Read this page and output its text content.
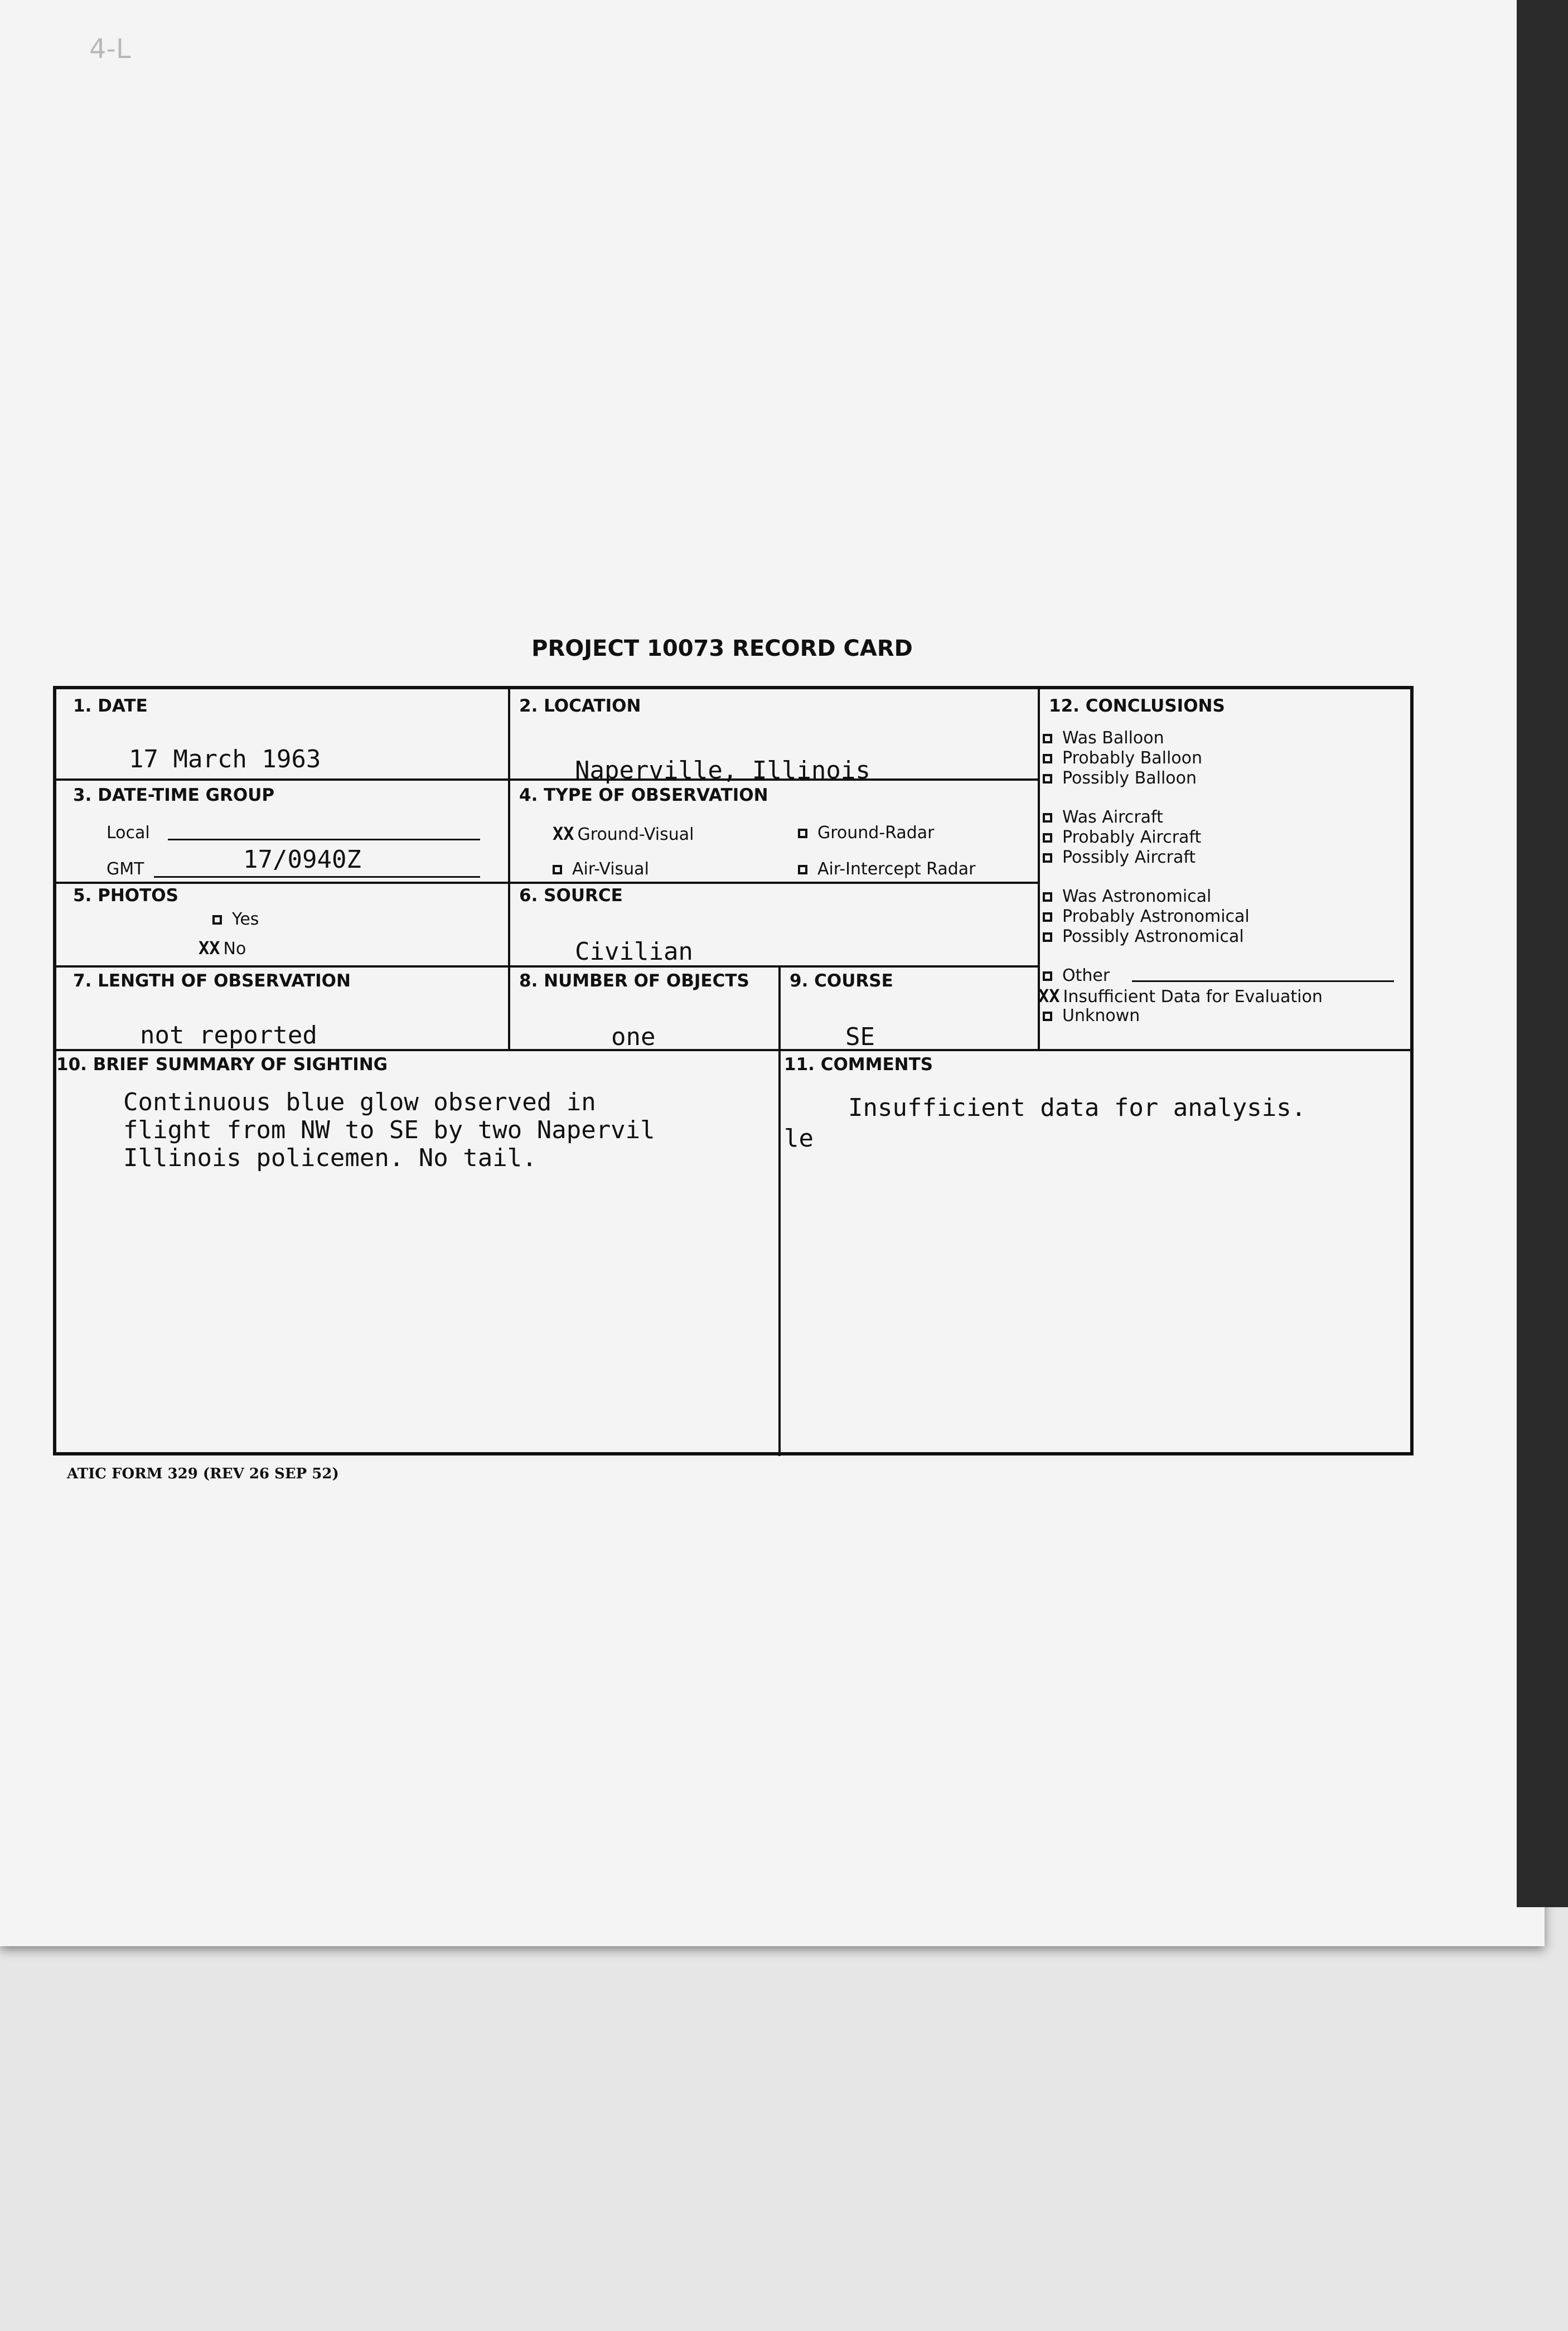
4-L
PROJECT 10073 RECORD CARD
1. DATE
17 March 1963
2. LOCATION
Naperville, Illinois
3. DATE-TIME GROUP
Local
GMT	17/0940Z
4. TYPE OF OBSERVATION
XX Ground-Visual	Ground-Radar
Air-Visual	Air-Intercept Radar
5. PHOTOS
Yes
XX No
6. SOURCE
Civilian
7. LENGTH OF OBSERVATION
not reported
8. NUMBER OF OBJECTS
one
9. COURSE
SE
10. BRIEF SUMMARY OF SIGHTING
Continuous blue glow observed in
flight from NW to SE by two Napervil	le
Illinois policemen. No tail.
11. COMMENTS
Insufficient data for analysis.
12. CONCLUSIONS
Was Balloon
Probably Balloon
Possibly Balloon
Was Aircraft
Probably Aircraft
Possibly Aircraft
Was Astronomical
Probably Astronomical
Possibly Astronomical
Other
XX Insufficient Data for Evaluation
Unknown
ATIC FORM 329 (REV 26 SEP 52)
